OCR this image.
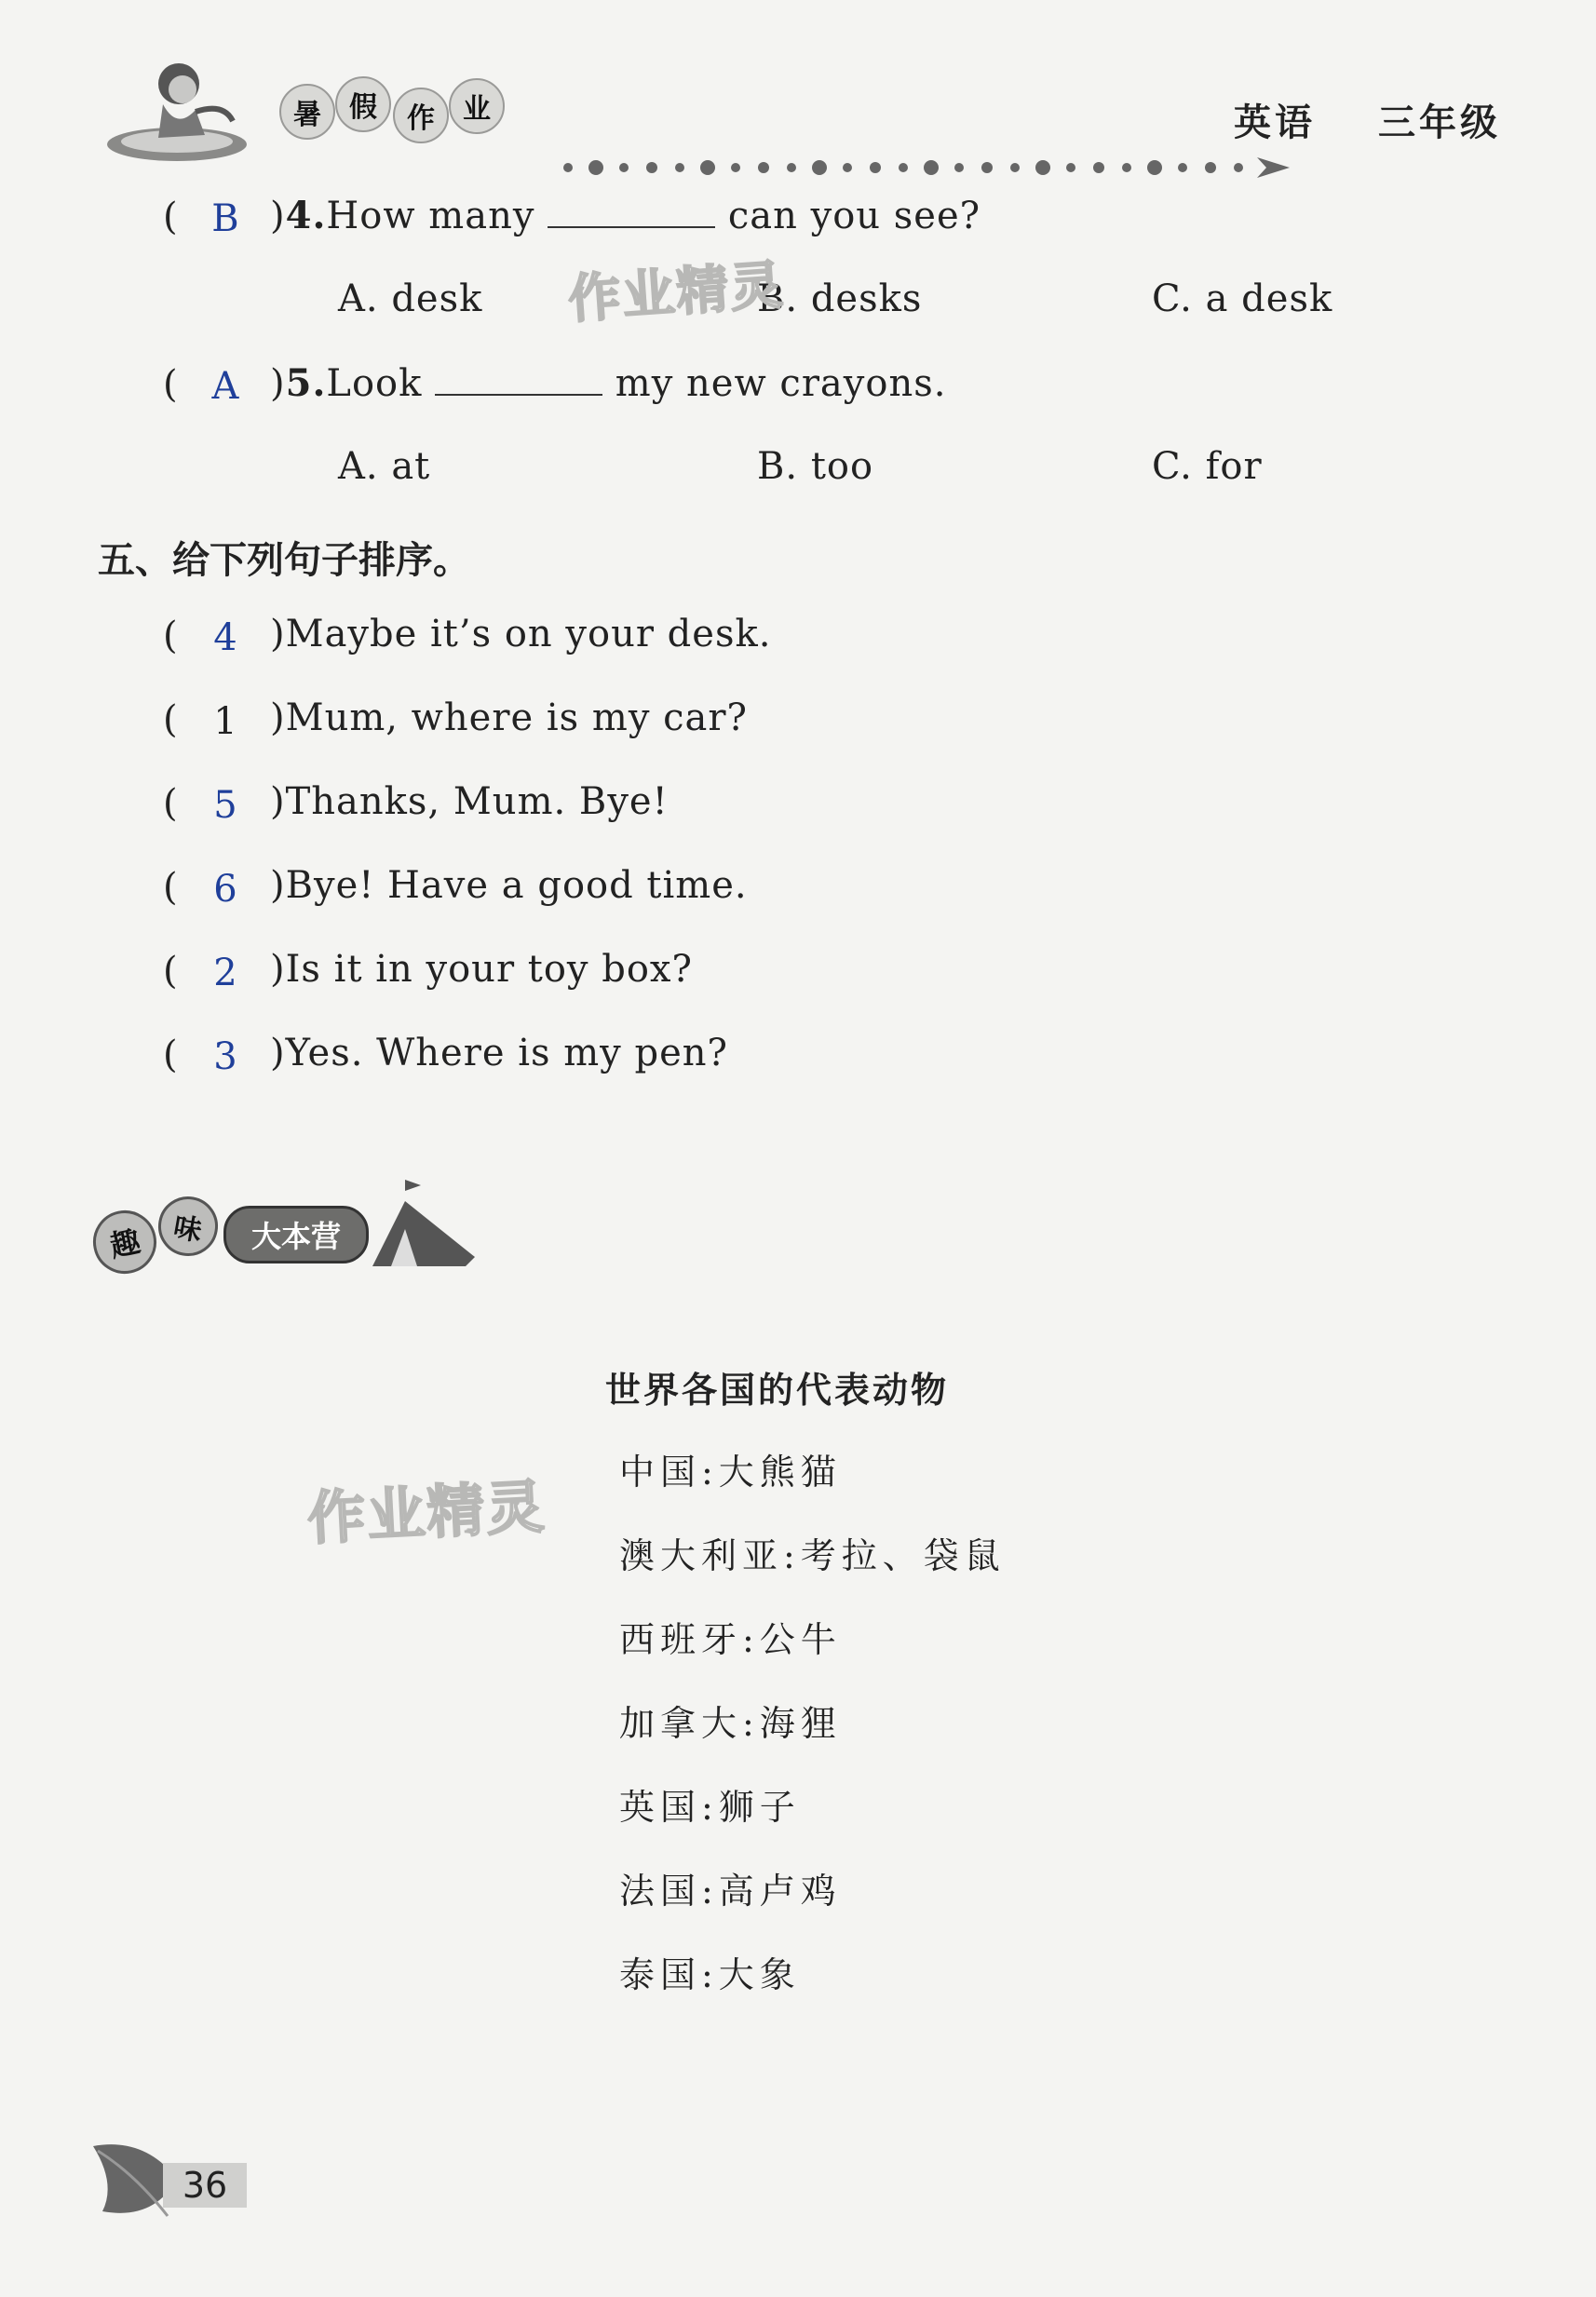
暑	假	作	业	英语 三年级
( B )4.How many	can you see?
A. desk	B. desks	C. a desk
( A )5.Look	my new crayons.
A. at	B. too	C. for
作业精灵
五、给下列句子排序。
( 4 )Maybe it’s on your desk.
( 1 )Mum, where is my car?
( 5 )Thanks, Mum. Bye!
( 6 )Bye! Have a good time.
( 2 )Is it in your toy box?
( 3 )Yes. Where is my pen?
趣 味	大本营
世界各国的代表动物
中国:大熊猫
澳大利亚:考拉、袋鼠
西班牙:公牛
加拿大:海狸
英国:狮子
法国:高卢鸡
泰国:大象
作业精灵
36
